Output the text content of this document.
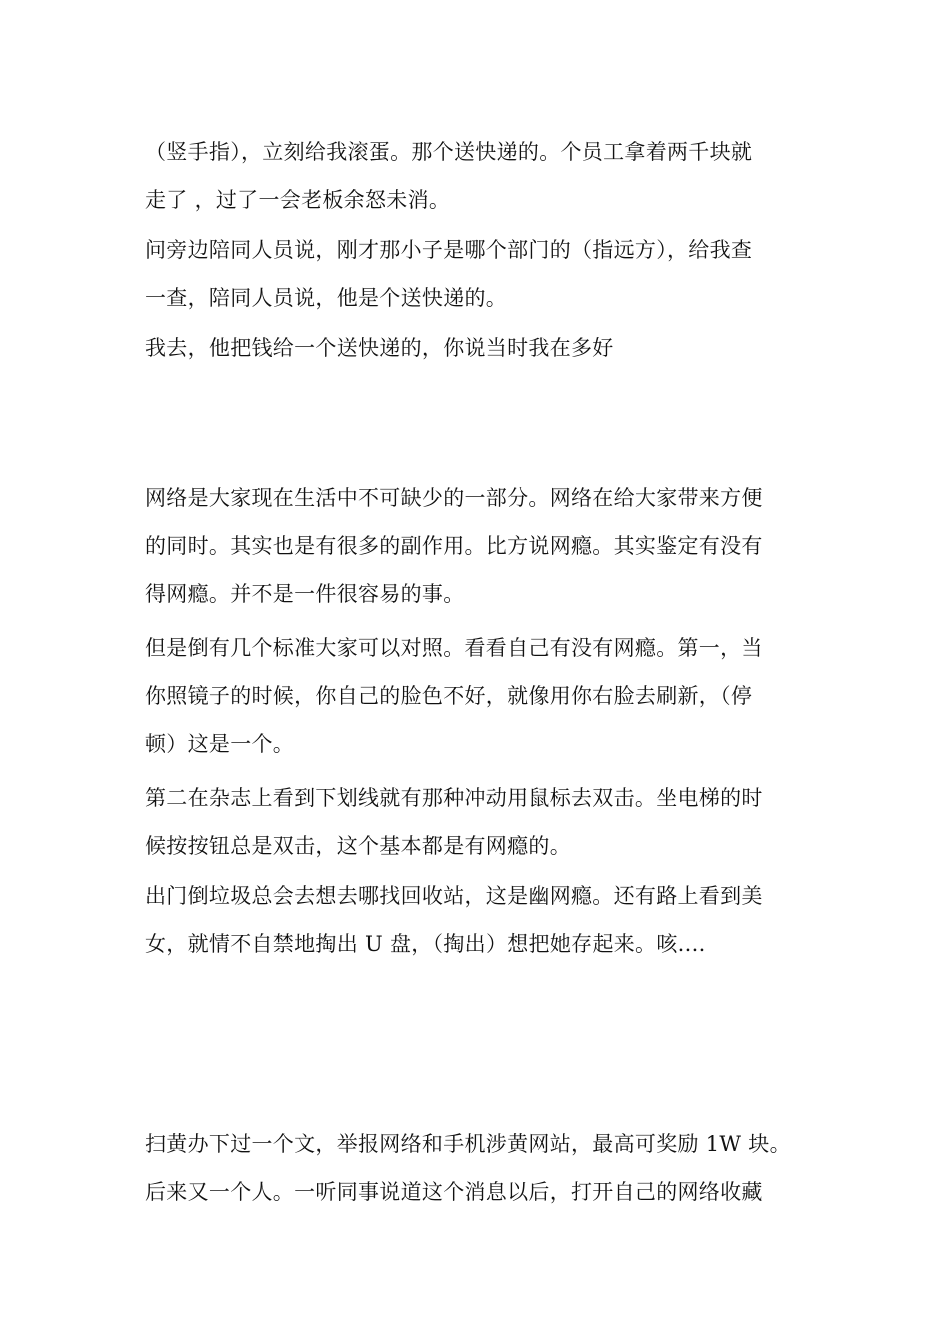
（竖手指），立刻给我滚蛋。那个送快递的。个员工拿着两千块就
走了 ，过了一会老板余怒未消。

问旁边陪同人员说，刚才那小子是哪个部门的（指远方），给我查
一查，陪同人员说，他是个送快递的。

我去，他把钱给一个送快递的，你说当时我在多好

网络是大家现在生活中不可缺少的一部分。网络在给大家带来方便
的同时。其实也是有很多的副作用。比方说网瘾。其实鉴定有没有
得网瘾。并不是一件很容易的事。

但是倒有几个标准大家可以对照。看看自己有没有网瘾。第一，当
你照镜子的时候，你自己的脸色不好，就像用你右脸去刷新，（停
顿）这是一个。

第二在杂志上看到下划线就有那种冲动用鼠标去双击。坐电梯的时
候按按钮总是双击，这个基本都是有网瘾的。

出门倒垃圾总会去想去哪找回收站，这是幽网瘾。还有路上看到美
女，就情不自禁地掏出 U 盘，（掏出）想把她存起来。咳....

扫黄办下过一个文，举报网络和手机涉黄网站，最高可奖励 1W 块。
后来又一个人。一听同事说道这个消息以后，打开自己的网络收藏
